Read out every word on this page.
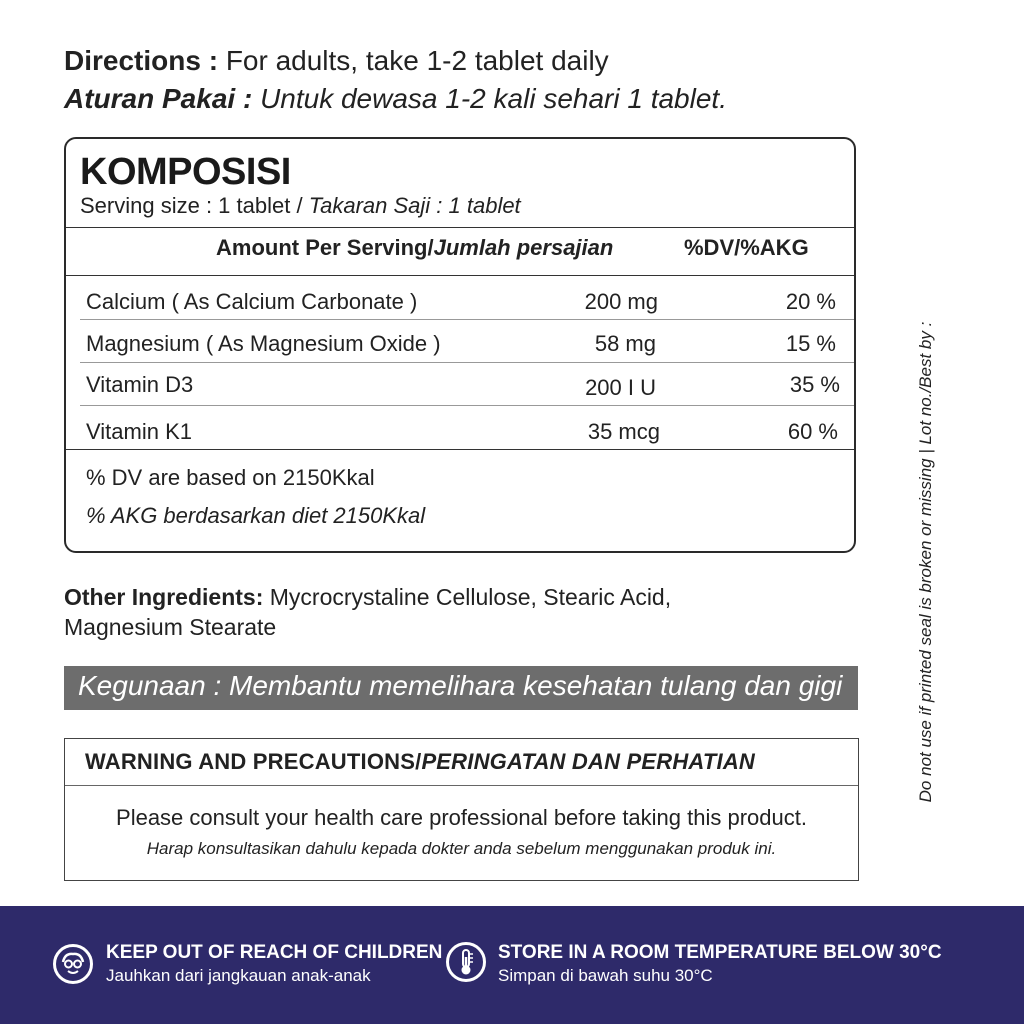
Directions : For adults, take 1-2 tablet daily
Aturan Pakai : Untuk dewasa 1-2 kali sehari 1 tablet.
KOMPOSISI
Serving size : 1 tablet / Takaran Saji : 1 tablet
Amount Per Serving/Jumlah persajian	%DV/%AKG
Calcium ( As Calcium Carbonate )	200 mg	20 %
Magnesium ( As Magnesium Oxide )	58 mg	15 %
Vitamin D3	200 I U	35 %
Vitamin K1	35 mcg	60 %
% DV are based on 2150Kkal
% AKG berdasarkan diet 2150Kkal
Other Ingredients: Mycrocrystaline Cellulose, Stearic Acid, Magnesium Stearate
Kegunaan : Membantu memelihara kesehatan tulang dan gigi
WARNING AND PRECAUTIONS/PERINGATAN DAN PERHATIAN
Please consult your health care professional before taking this product.
Harap konsultasikan dahulu kepada dokter anda sebelum menggunakan produk ini.
Do not use if printed seal is broken or missing | Lot no./Best by :
KEEP OUT OF REACH OF CHILDREN
Jauhkan dari jangkauan anak-anak
STORE IN A ROOM TEMPERATURE BELOW 30°C
Simpan di bawah suhu 30°C
